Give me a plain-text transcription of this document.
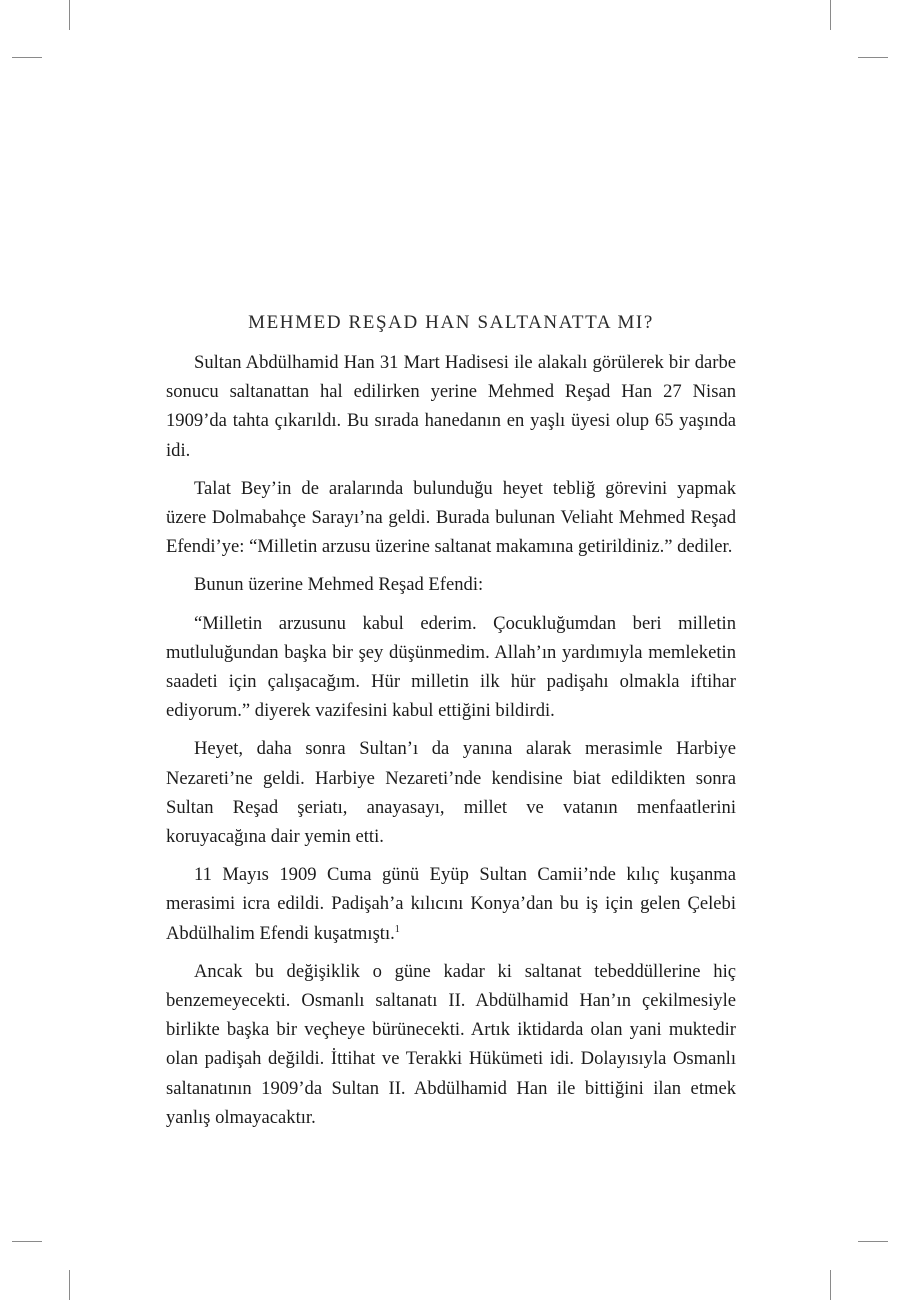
MEHMED REŞAD HAN SALTANATTA MI?

Sultan Abdülhamid Han 31 Mart Hadisesi ile alakalı görülerek bir darbe sonucu saltanattan hal edilirken yerine Mehmed Reşad Han 27 Nisan 1909’da tahta çıkarıldı. Bu sırada hanedanın en yaşlı üyesi olup 65 yaşında idi.

Talat Bey’in de aralarında bulunduğu heyet tebliğ görevini yapmak üzere Dolmabahçe Sarayı’na geldi. Burada bulunan Veliaht Mehmed Reşad Efendi’ye: “Milletin arzusu üzerine saltanat makamına getirildiniz.” dediler.

Bunun üzerine Mehmed Reşad Efendi:

“Milletin arzusunu kabul ederim. Çocukluğumdan beri milletin mutluluğundan başka bir şey düşünmedim. Allah’ın yardımıyla memleketin saadeti için çalışacağım. Hür milletin ilk hür padişahı olmakla iftihar ediyorum.” diyerek vazifesini kabul ettiğini bildirdi.

Heyet, daha sonra Sultan’ı da yanına alarak merasimle Harbiye Nezareti’ne geldi. Harbiye Nezareti’nde kendisine biat edildikten sonra Sultan Reşad şeriatı, anayasayı, millet ve vatanın menfaatlerini koruyacağına dair yemin etti.

11 Mayıs 1909 Cuma günü Eyüp Sultan Camii’nde kılıç kuşanma merasimi icra edildi. Padişah’a kılıcını Konya’dan bu iş için gelen Çelebi Abdülhalim Efendi kuşatmıştı.$^1$

Ancak bu değişiklik o güne kadar ki saltanat tebeddüllerine hiç benzemeyecekti. Osmanlı saltanatı II. Abdülhamid Han’ın çekilmesiyle birlikte başka bir veçheye bürünecekti. Artık iktidarda olan yani muktedir olan padişah değildi. İttihat ve Terakki Hükümeti idi. Dolayısıyla Osmanlı saltanatının 1909’da Sultan II. Abdülhamid Han ile bittiğini ilan etmek yanlış olmayacaktır.
